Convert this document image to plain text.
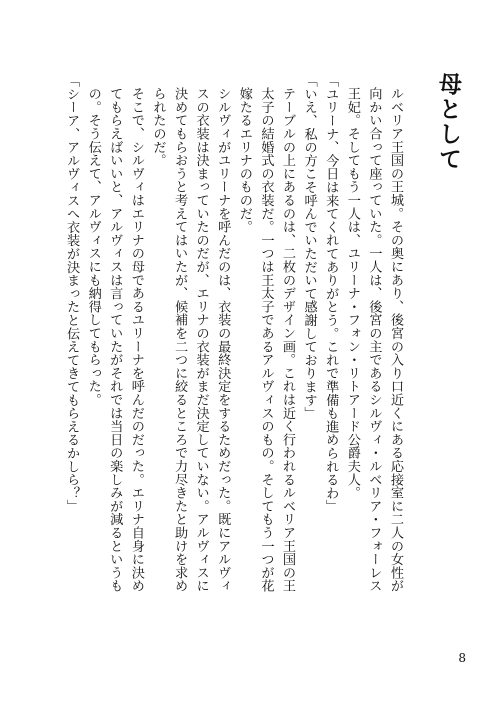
母として

ルベリア王国の王城。その奥にあり、後宮の入り口近くにある応接室に二人の女性が向かい合って座っていた。一人は、後宮の主であるシルヴィ・ルベリア・フォーレス王妃。そしてもう一人は、ユリーナ・フォン・リトアード公爵夫人。

「ユリーナ、今日は来てくれてありがとう。これで準備も進められるわ」

「いえ、私の方こそ呼んでいただいて感謝しております」

テーブルの上にあるのは、二枚のデザイン画。これは近く行われるルベリア王国の王太子の結婚式の衣装だ。一つは王太子であるアルヴィスのもの。そしてもう一つが花嫁たるエリナのものだ。

シルヴィがユリーナを呼んだのは、衣装の最終決定をするためだった。既にアルヴィスの衣装は決まっていたのだが、エリナの衣装がまだ決定していない。アルヴィスに決めてもらおうと考えてはいたが、候補を二つに絞るところで力尽きたと助けを求められたのだ。

そこで、シルヴィはエリナの母であるユリーナを呼んだのだった。エリナ自身に決めてもらえばいいと、アルヴィスは言っていたがそれでは当日の楽しみが減るというもの。そう伝えて、アルヴィスにも納得してもらった。

「シーア、アルヴィスへ衣装が決まったと伝えてきてもらえるかしら？」

8
